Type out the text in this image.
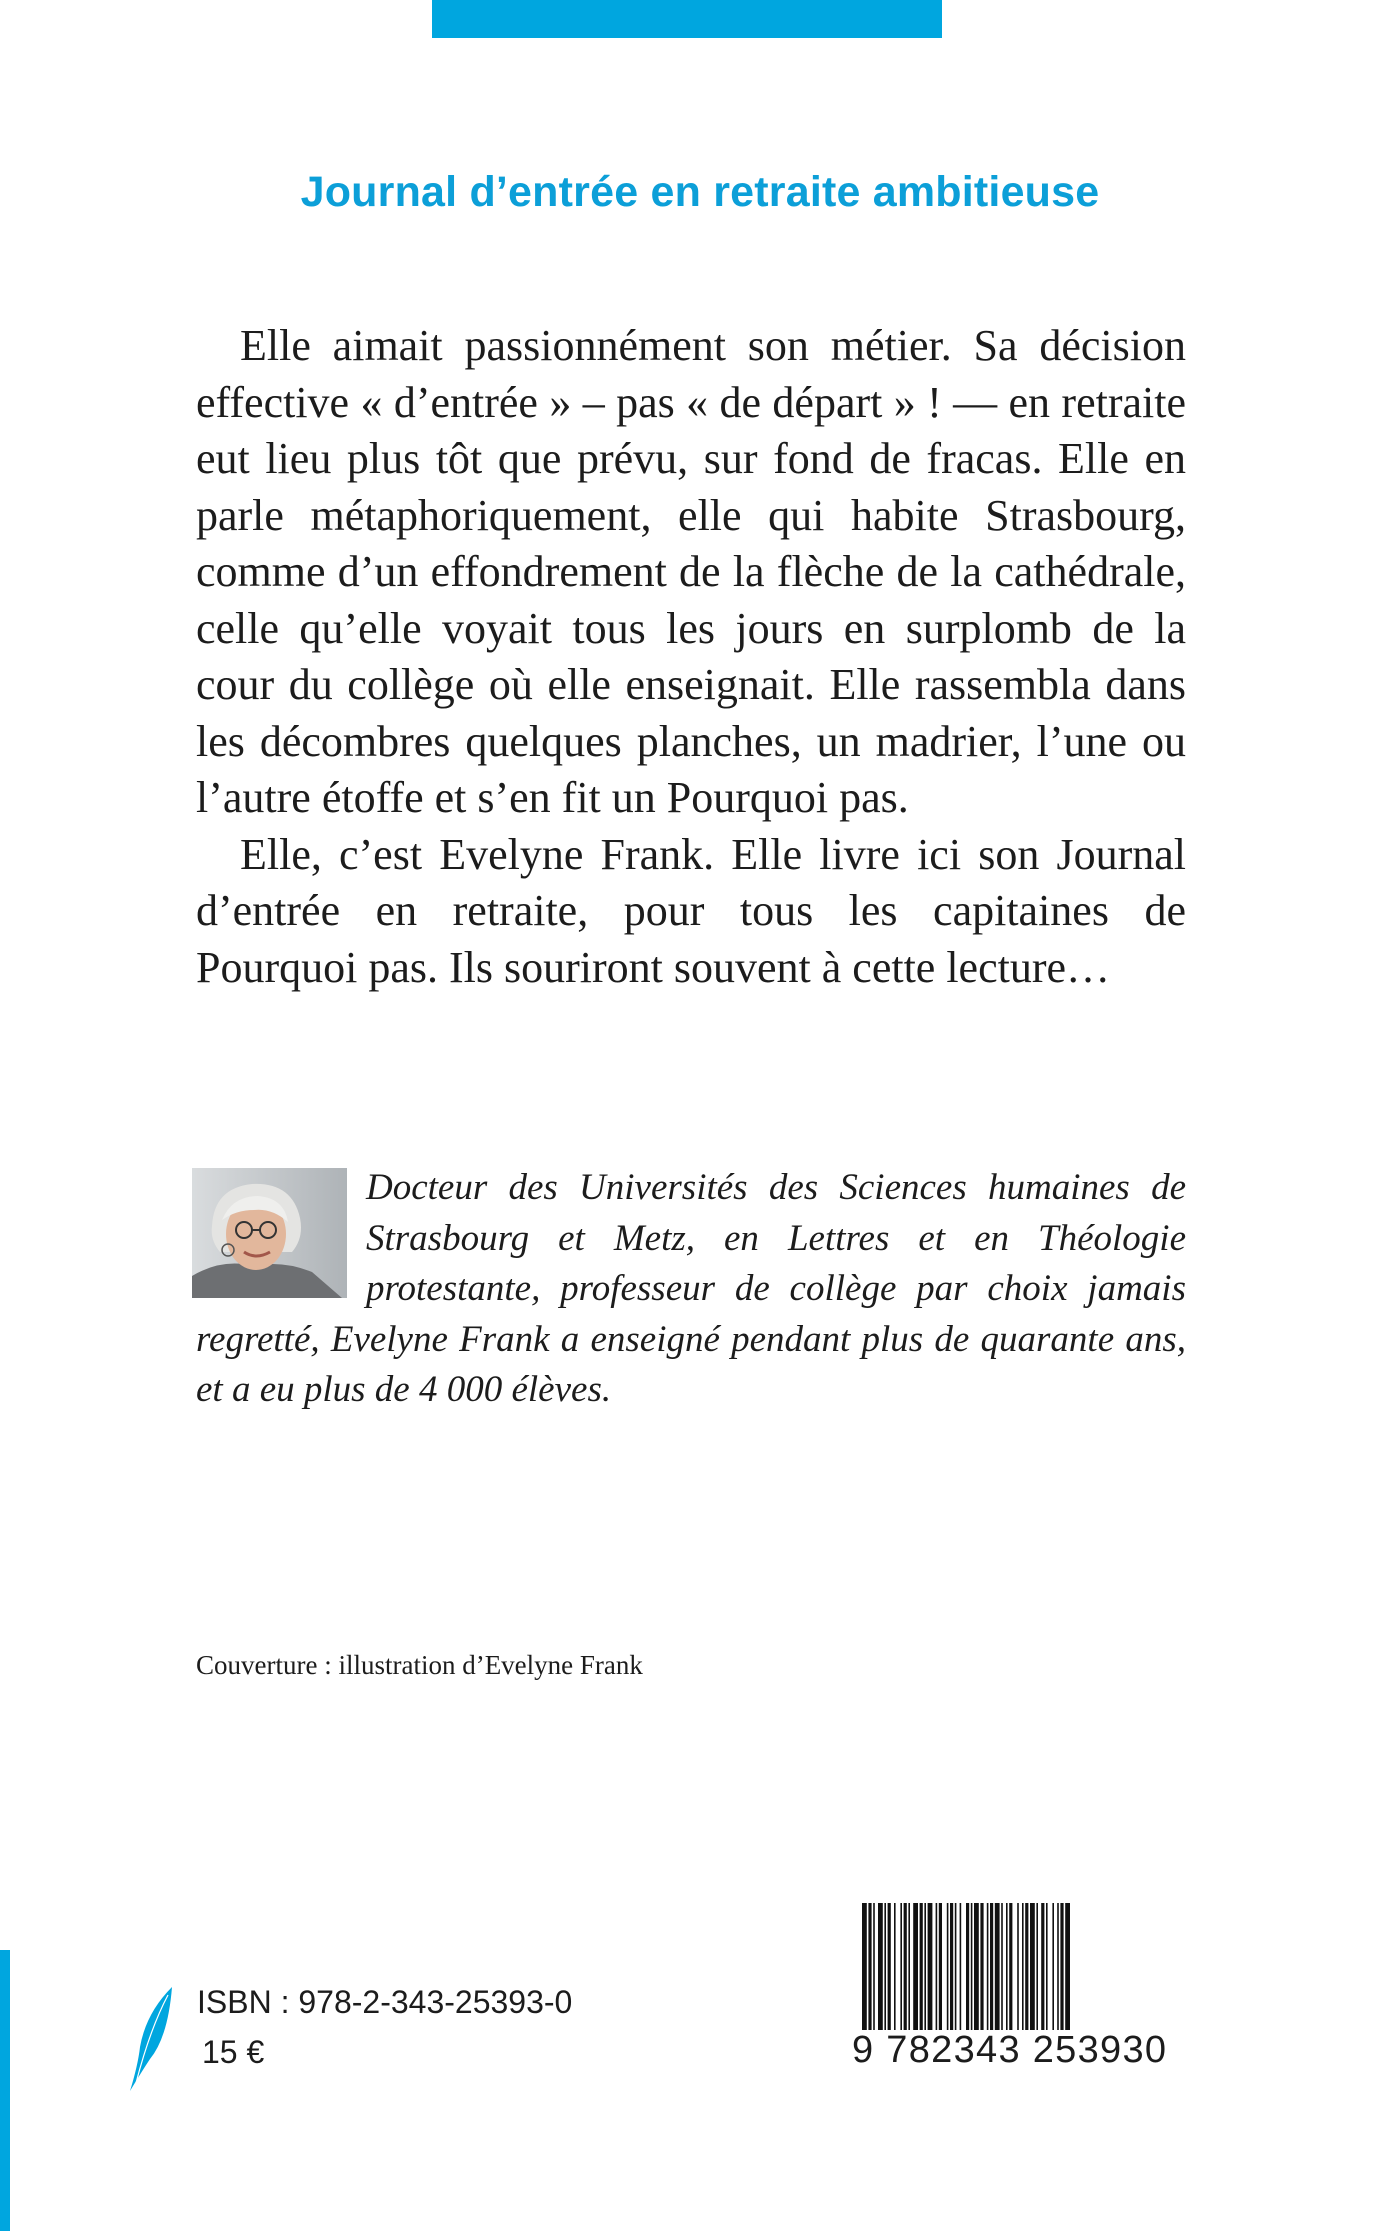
Journal d’entrée en retraite ambitieuse

Elle aimait passionnément son métier. Sa décision effective « d’entrée » – pas « de départ » ! — en retraite eut lieu plus tôt que prévu, sur fond de fracas. Elle en parle métaphoriquement, elle qui habite Strasbourg, comme d’un effondrement de la flèche de la cathédrale, celle qu’elle voyait tous les jours en surplomb de la cour du collège où elle enseignait. Elle rassembla dans les décombres quelques planches, un madrier, l’une ou l’autre étoffe et s’en fit un Pourquoi pas.

Elle, c’est Evelyne Frank. Elle livre ici son Journal d’entrée en retraite, pour tous les capitaines de Pourquoi pas. Ils souriront souvent à cette lecture…

Docteur des Universités des Sciences humaines de Strasbourg et Metz, en Lettres et en Théologie protestante, professeur de collège par choix jamais regretté, Evelyne Frank a enseigné pendant plus de quarante ans, et a eu plus de 4 000 élèves.

Couverture : illustration d’Evelyne Frank
ISBN : 978-2-343-25393-0
15 €	9 782343 253930
